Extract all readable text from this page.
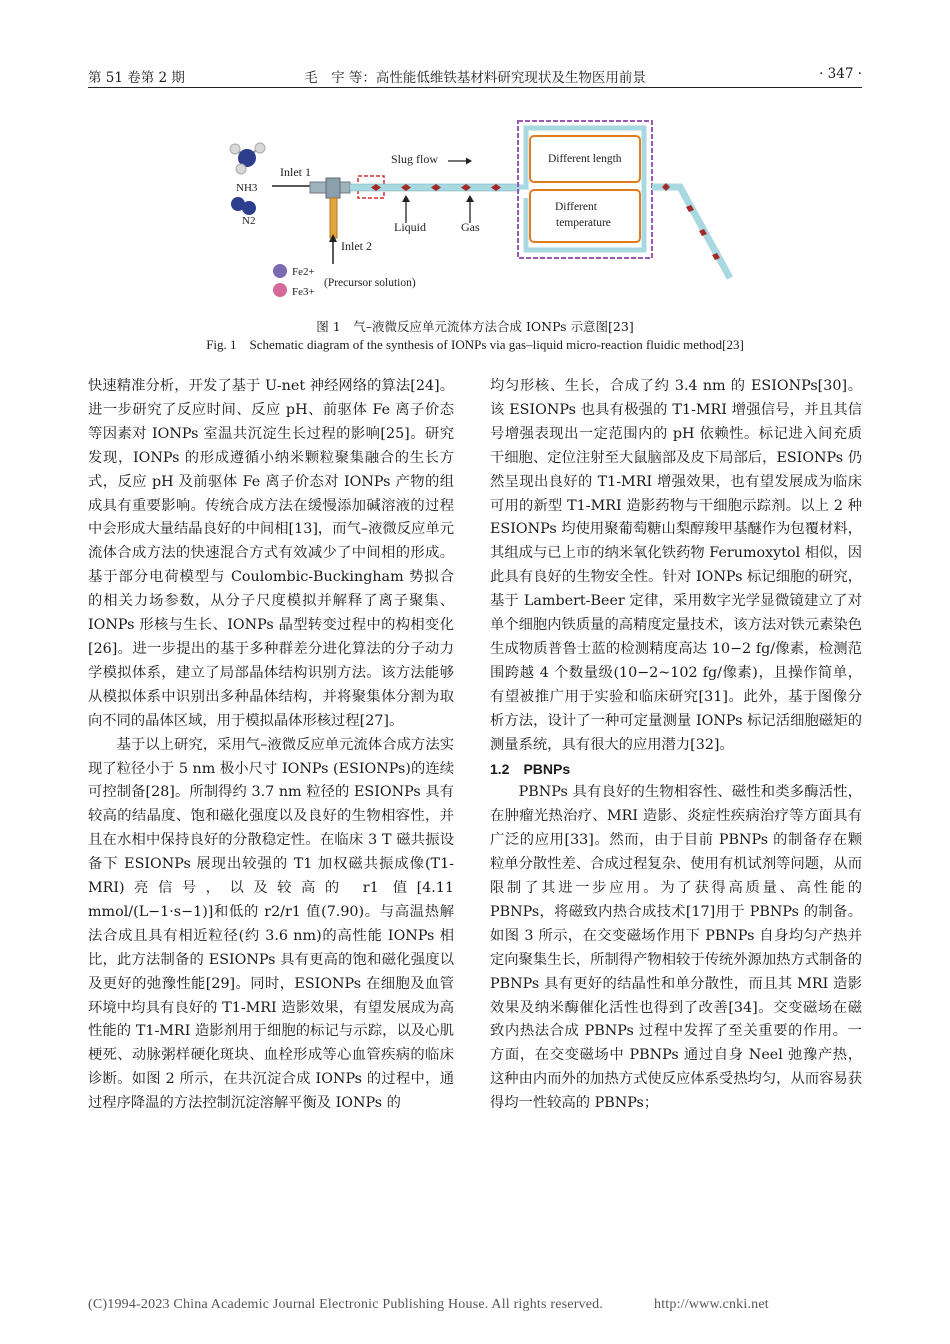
第 51 卷第 2 期	毛　宇 等：高性能低维铁基材料研究现状及生物医用前景	· 347 ·
NH3
N2
Inlet 1
Inlet 2
Slug flow
Liquid	Gas
Different length
Different
temperature
Fe2+
Fe3+
(Precursor solution)
图 1　气–液微反应单元流体方法合成 IONPs 示意图[23]
Fig. 1　Schematic diagram of the synthesis of IONPs via gas–liquid micro-reaction fluidic method[23]

快速精准分析，开发了基于 U-net 神经网络的算法[24]。进一步研究了反应时间、反应 pH、前驱体 Fe 离子价态等因素对 IONPs 室温共沉淀生长过程的影响[25]。研究发现，IONPs 的形成遵循小纳米颗粒聚集融合的生长方式，反应 pH 及前驱体 Fe 离子价态对 IONPs 产物的组成具有重要影响。传统合成方法在缓慢添加碱溶液的过程中会形成大量结晶良好的中间相[13]，而气–液微反应单元流体合成方法的快速混合方式有效减少了中间相的形成。基于部分电荷模型与 Coulombic-Buckingham 势拟合的相关力场参数，从分子尺度模拟并解释了离子聚集、IONPs 形核与生长、IONPs 晶型转变过程中的构相变化[26]。进一步提出的基于多种群差分进化算法的分子动力学模拟体系，建立了局部晶体结构识别方法。该方法能够从模拟体系中识别出多种晶体结构，并将聚集体分割为取向不同的晶体区域，用于模拟晶体形核过程[27]。

基于以上研究，采用气–液微反应单元流体合成方法实现了粒径小于 5 nm 极小尺寸 IONPs (ESIONPs)的连续可控制备[28]。所制得约 3.7 nm 粒径的 ESIONPs 具有较高的结晶度、饱和磁化强度以及良好的生物相容性，并且在水相中保持良好的分散稳定性。在临床 3 T 磁共振设备下 ESIONPs 展现出较强的 T1 加权磁共振成像(T1-MRI)亮信号，以及较高的 r1 值[4.11 mmol/(L−1·s−1)]和低的 r2/r1 值(7.90)。与高温热解法合成且具有相近粒径(约 3.6 nm)的高性能 IONPs 相比，此方法制备的 ESIONPs 具有更高的饱和磁化强度以及更好的弛豫性能[29]。同时，ESIONPs 在细胞及血管环境中均具有良好的 T1-MRI 造影效果，有望发展成为高性能的 T1-MRI 造影剂用于细胞的标记与示踪，以及心肌梗死、动脉粥样硬化斑块、血栓形成等心血管疾病的临床诊断。如图 2 所示，在共沉淀合成 IONPs 的过程中，通过程序降温的方法控制沉淀溶解平衡及 IONPs 的

均匀形核、生长，合成了约 3.4 nm 的 ESIONPs[30]。该 ESIONPs 也具有极强的 T1-MRI 增强信号，并且其信号增强表现出一定范围内的 pH 依赖性。标记进入间充质干细胞、定位注射至大鼠脑部及皮下局部后，ESIONPs 仍然呈现出良好的 T1-MRI 增强效果，也有望发展成为临床可用的新型 T1-MRI 造影药物与干细胞示踪剂。以上 2 种 ESIONPs 均使用聚葡萄糖山梨醇羧甲基醚作为包覆材料，其组成与已上市的纳米氧化铁药物 Ferumoxytol 相似，因此具有良好的生物安全性。针对 IONPs 标记细胞的研究，基于 Lambert-Beer 定律，采用数字光学显微镜建立了对单个细胞内铁质量的高精度定量技术，该方法对铁元素染色生成物质普鲁士蓝的检测精度高达 10−2 fg/像素，检测范围跨越 4 个数量级(10−2~102 fg/像素)，且操作简单，有望被推广用于实验和临床研究[31]。此外，基于图像分析方法，设计了一种可定量测量 IONPs 标记活细胞磁矩的测量系统，具有很大的应用潜力[32]。

1.2　PBNPs

PBNPs 具有良好的生物相容性、磁性和类多酶活性，在肿瘤光热治疗、MRI 造影、炎症性疾病治疗等方面具有广泛的应用[33]。然而，由于目前 PBNPs 的制备存在颗粒单分散性差、合成过程复杂、使用有机试剂等问题，从而限制了其进一步应用。为了获得高质量、高性能的 PBNPs，将磁致内热合成技术[17]用于 PBNPs 的制备。如图 3 所示，在交变磁场作用下 PBNPs 自身均匀产热并定向聚集生长，所制得产物相较于传统外源加热方式制备的 PBNPs 具有更好的结晶性和单分散性，而且其 MRI 造影效果及纳米酶催化活性也得到了改善[34]。交变磁场在磁致内热法合成 PBNPs 过程中发挥了至关重要的作用。一方面，在交变磁场中 PBNPs 通过自身 Neel 弛豫产热，这种由内而外的加热方式使反应体系受热均匀，从而容易获得均一性较高的 PBNPs；

(C)1994-2023 China Academic Journal Electronic Publishing House. All rights reserved.	http://www.cnki.net
